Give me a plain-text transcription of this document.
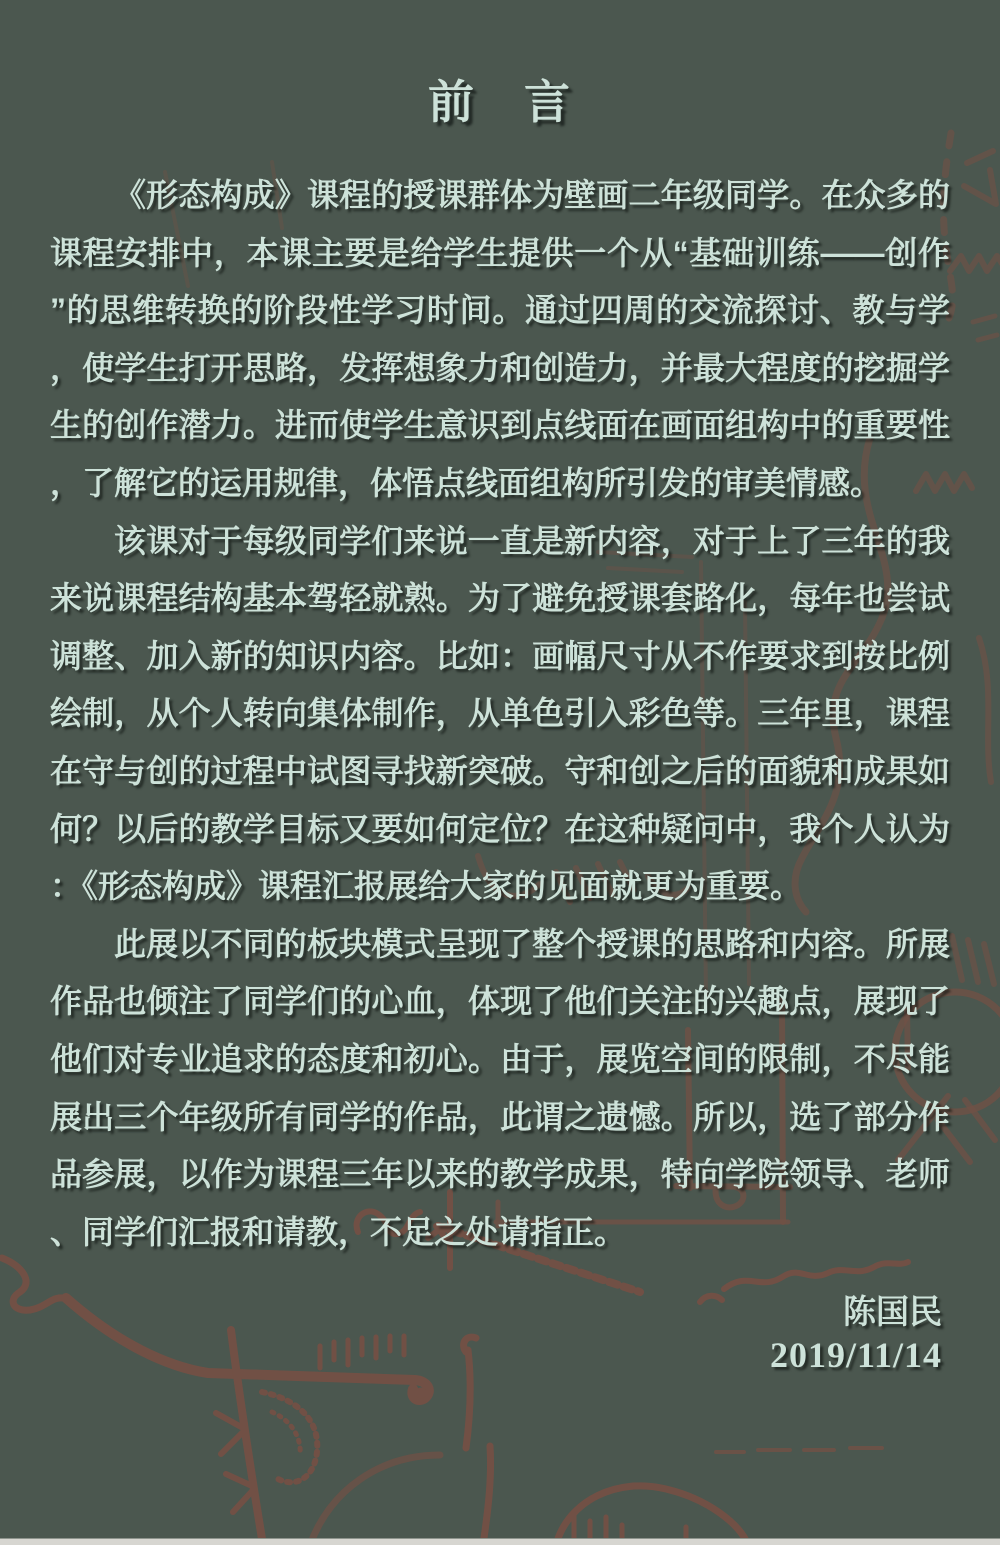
前　言
《形态构成》课程的授课群体为壁画二年级同学。在众多的
课程安排中，本课主要是给学生提供一个从“基础训练——创作
”的思维转换的阶段性学习时间。通过四周的交流探讨、教与学
，使学生打开思路，发挥想象力和创造力，并最大程度的挖掘学
生的创作潜力。进而使学生意识到点线面在画面组构中的重要性
，了解它的运用规律，体悟点线面组构所引发的审美情感。
该课对于每级同学们来说一直是新内容，对于上了三年的我
来说课程结构基本驾轻就熟。为了避免授课套路化，每年也尝试
调整、加入新的知识内容。比如：画幅尺寸从不作要求到按比例
绘制，从个人转向集体制作，从单色引入彩色等。三年里，课程
在守与创的过程中试图寻找新突破。守和创之后的面貌和成果如
何？以后的教学目标又要如何定位？在这种疑问中，我个人认为
：《形态构成》课程汇报展给大家的见面就更为重要。
此展以不同的板块模式呈现了整个授课的思路和内容。所展
作品也倾注了同学们的心血，体现了他们关注的兴趣点，展现了
他们对专业追求的态度和初心。由于，展览空间的限制，不尽能
展出三个年级所有同学的作品，此谓之遗憾。所以，选了部分作
品参展，以作为课程三年以来的教学成果，特向学院领导、老师
、同学们汇报和请教，不足之处请指正。
陈国民
2019/11/14
